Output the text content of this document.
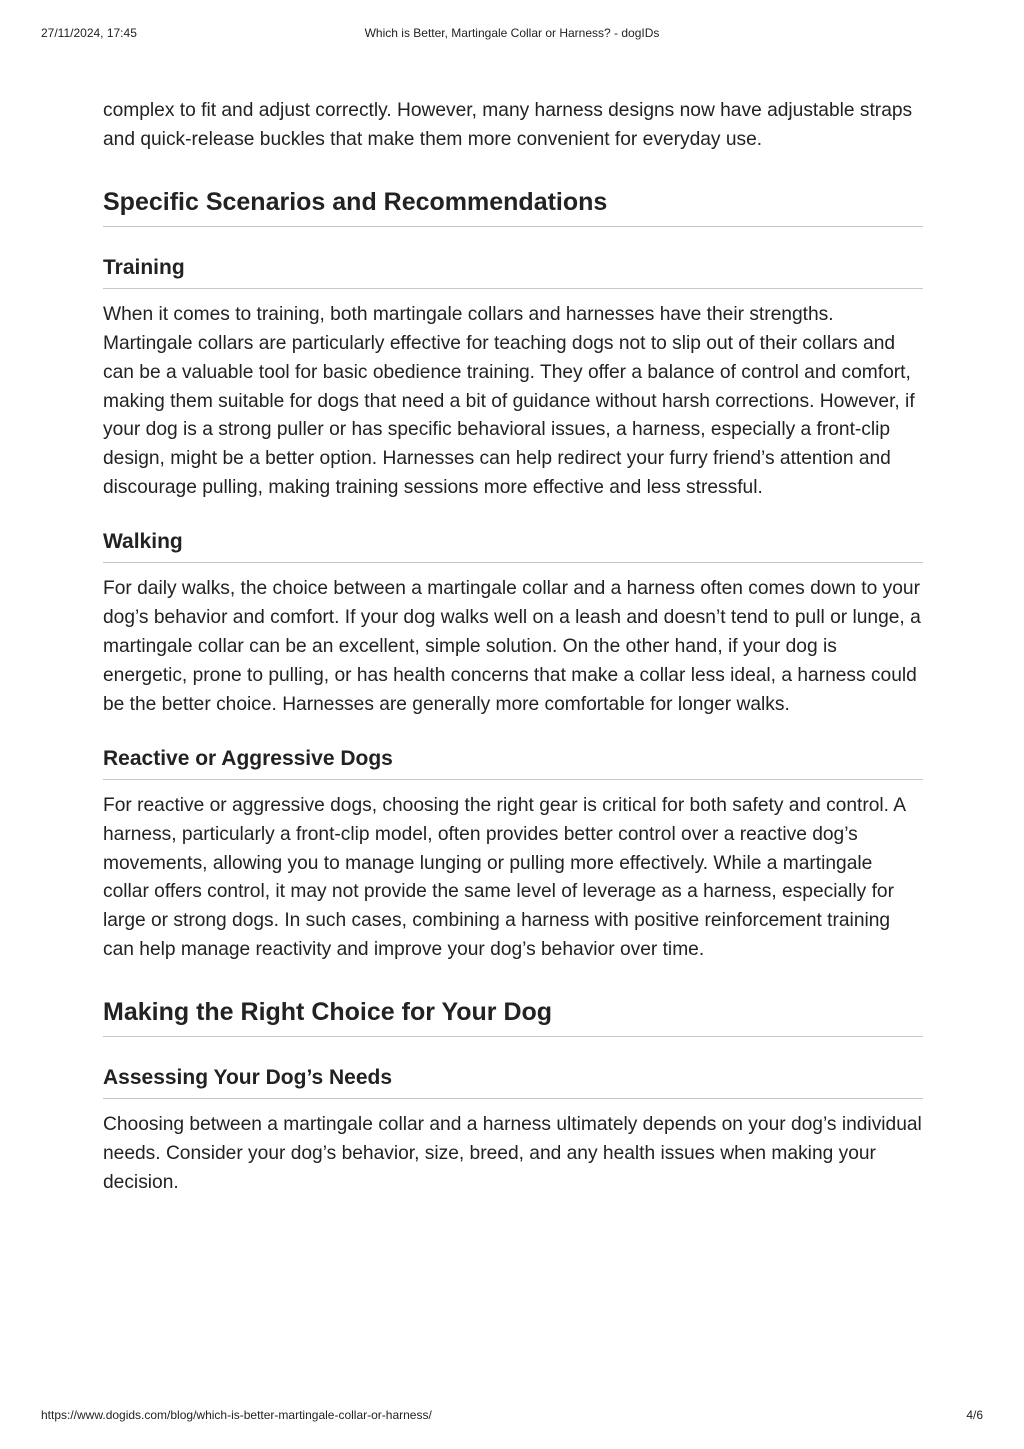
27/11/2024, 17:45	Which is Better, Martingale Collar or Harness? - dogIDs

complex to fit and adjust correctly. However, many harness designs now have adjustable straps and quick-release buckles that make them more convenient for everyday use.

Specific Scenarios and Recommendations
Training

When it comes to training, both martingale collars and harnesses have their strengths. Martingale collars are particularly effective for teaching dogs not to slip out of their collars and can be a valuable tool for basic obedience training. They offer a balance of control and comfort, making them suitable for dogs that need a bit of guidance without harsh corrections. However, if your dog is a strong puller or has specific behavioral issues, a harness, especially a front-clip design, might be a better option. Harnesses can help redirect your furry friend’s attention and discourage pulling, making training sessions more effective and less stressful.

Walking

For daily walks, the choice between a martingale collar and a harness often comes down to your dog’s behavior and comfort. If your dog walks well on a leash and doesn’t tend to pull or lunge, a martingale collar can be an excellent, simple solution. On the other hand, if your dog is energetic, prone to pulling, or has health concerns that make a collar less ideal, a harness could be the better choice. Harnesses are generally more comfortable for longer walks.

Reactive or Aggressive Dogs

For reactive or aggressive dogs, choosing the right gear is critical for both safety and control. A harness, particularly a front-clip model, often provides better control over a reactive dog’s movements, allowing you to manage lunging or pulling more effectively. While a martingale collar offers control, it may not provide the same level of leverage as a harness, especially for large or strong dogs. In such cases, combining a harness with positive reinforcement training can help manage reactivity and improve your dog’s behavior over time.

Making the Right Choice for Your Dog
Assessing Your Dog’s Needs

Choosing between a martingale collar and a harness ultimately depends on your dog’s individual needs. Consider your dog’s behavior, size, breed, and any health issues when making your decision.

https://www.dogids.com/blog/which-is-better-martingale-collar-or-harness/	4/6
